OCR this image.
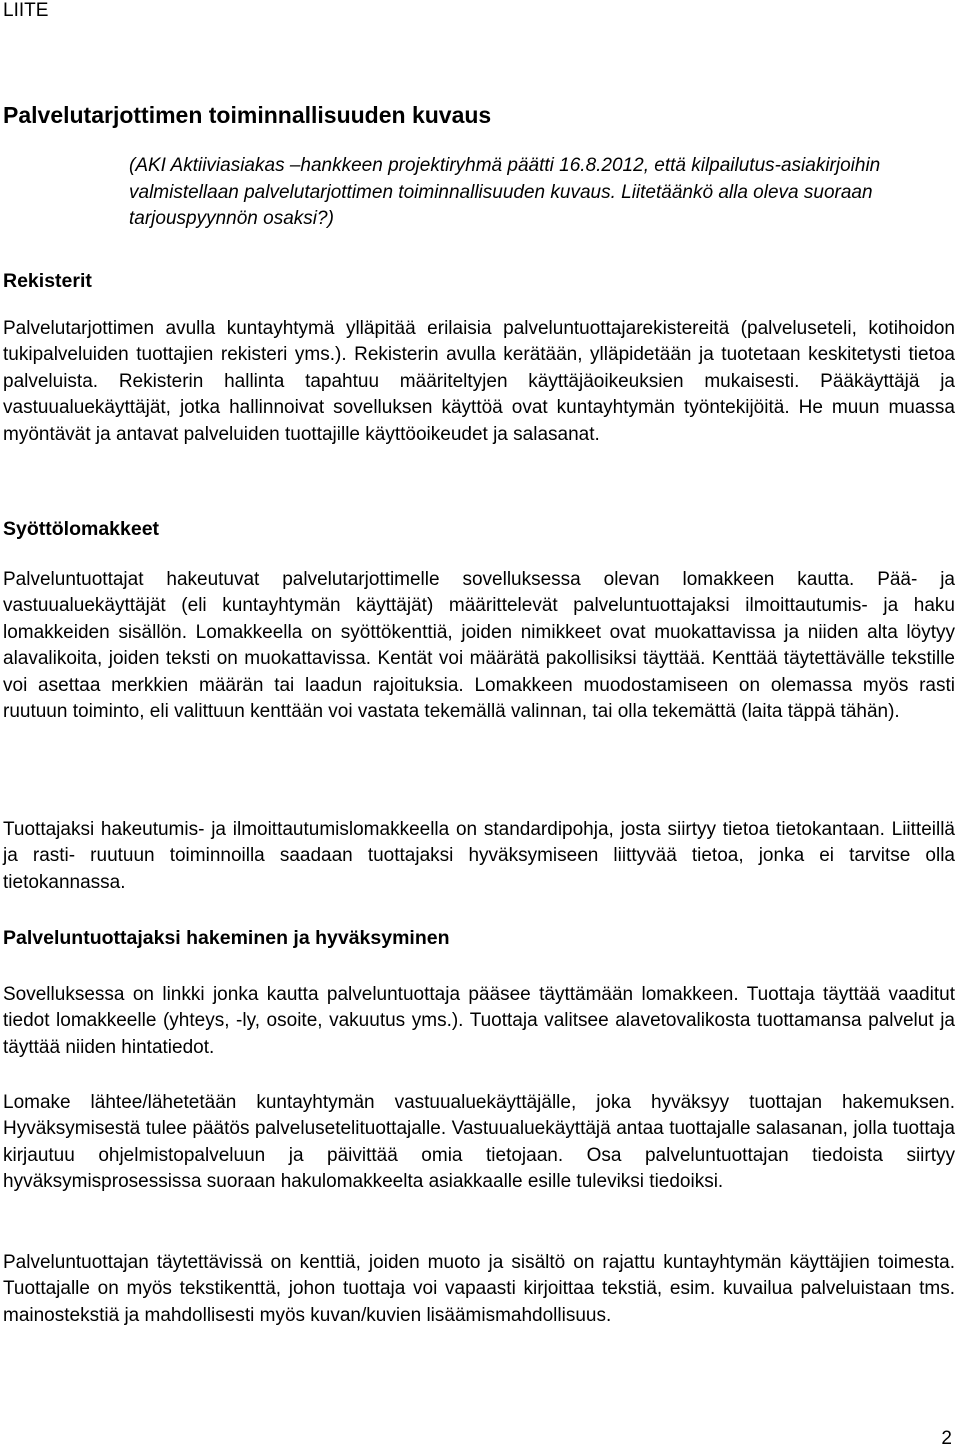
LIITE
Palvelutarjottimen toiminnallisuuden kuvaus

(AKI Aktiiviasiakas –hankkeen projektiryhmä päätti 16.8.2012, että kilpailutus-asiakirjoihin valmistellaan palvelutarjottimen toiminnallisuuden kuvaus. Liitetäänkö alla oleva suoraan tarjouspyynnön osaksi?)

Rekisterit

Palvelutarjottimen avulla kuntayhtymä ylläpitää erilaisia palveluntuottajarekistereitä (palveluseteli, kotihoidon tukipalveluiden tuottajien rekisteri yms.). Rekisterin avulla kerätään, ylläpidetään ja tuotetaan keskitetysti tietoa palveluista. Rekisterin hallinta tapahtuu määriteltyjen käyttäjäoikeuksien mukaisesti. Pääkäyttäjä ja vastuualuekäyttäjät, jotka hallinnoivat sovelluksen käyttöä ovat kuntayhtymän työntekijöitä. He muun muassa myöntävät ja antavat palveluiden tuottajille käyttöoikeudet ja salasanat.

Syöttölomakkeet

Palveluntuottajat hakeutuvat palvelutarjottimelle sovelluksessa olevan lomakkeen kautta. Pää- ja vastuualuekäyttäjät (eli kuntayhtymän käyttäjät) määrittelevät palveluntuottajaksi ilmoittautumis- ja haku lomakkeiden sisällön. Lomakkeella on syöttökenttiä, joiden nimikkeet ovat muokattavissa ja niiden alta löytyy alavalikoita, joiden teksti on muokattavissa. Kentät voi määrätä pakollisiksi täyttää. Kenttää täytettävälle tekstille voi asettaa merkkien määrän tai laadun rajoituksia. Lomakkeen muodostamiseen on olemassa myös rasti ruutuun toiminto, eli valittuun kenttään voi vastata tekemällä valinnan, tai olla tekemättä (laita täppä tähän).

Tuottajaksi hakeutumis- ja ilmoittautumislomakkeella on standardipohja, josta siirtyy tietoa tietokantaan. Liitteillä ja rasti- ruutuun toiminnoilla saadaan tuottajaksi hyväksymiseen liittyvää tietoa, jonka ei tarvitse olla tietokannassa.

Palveluntuottajaksi hakeminen ja hyväksyminen

Sovelluksessa on linkki jonka kautta palveluntuottaja pääsee täyttämään lomakkeen. Tuottaja täyttää vaaditut tiedot lomakkeelle (yhteys, -ly, osoite, vakuutus yms.). Tuottaja valitsee alavetovalikosta tuottamansa palvelut ja täyttää niiden hintatiedot.

Lomake lähtee/lähetetään kuntayhtymän vastuualuekäyttäjälle, joka hyväksyy tuottajan hakemuksen. Hyväksymisestä tulee päätös palvelusetelituottajalle. Vastuualuekäyttäjä antaa tuottajalle salasanan, jolla tuottaja kirjautuu ohjelmistopalveluun ja päivittää omia tietojaan. Osa palveluntuottajan tiedoista siirtyy hyväksymisprosessissa suoraan hakulomakkeelta asiakkaalle esille tuleviksi tiedoiksi.

Palveluntuottajan täytettävissä on kenttiä, joiden muoto ja sisältö on rajattu kuntayhtymän käyttäjien toimesta. Tuottajalle on myös tekstikenttä, johon tuottaja voi vapaasti kirjoittaa tekstiä, esim. kuvailua palveluistaan tms. mainostekstiä ja mahdollisesti myös kuvan/kuvien lisäämismahdollisuus.

2
